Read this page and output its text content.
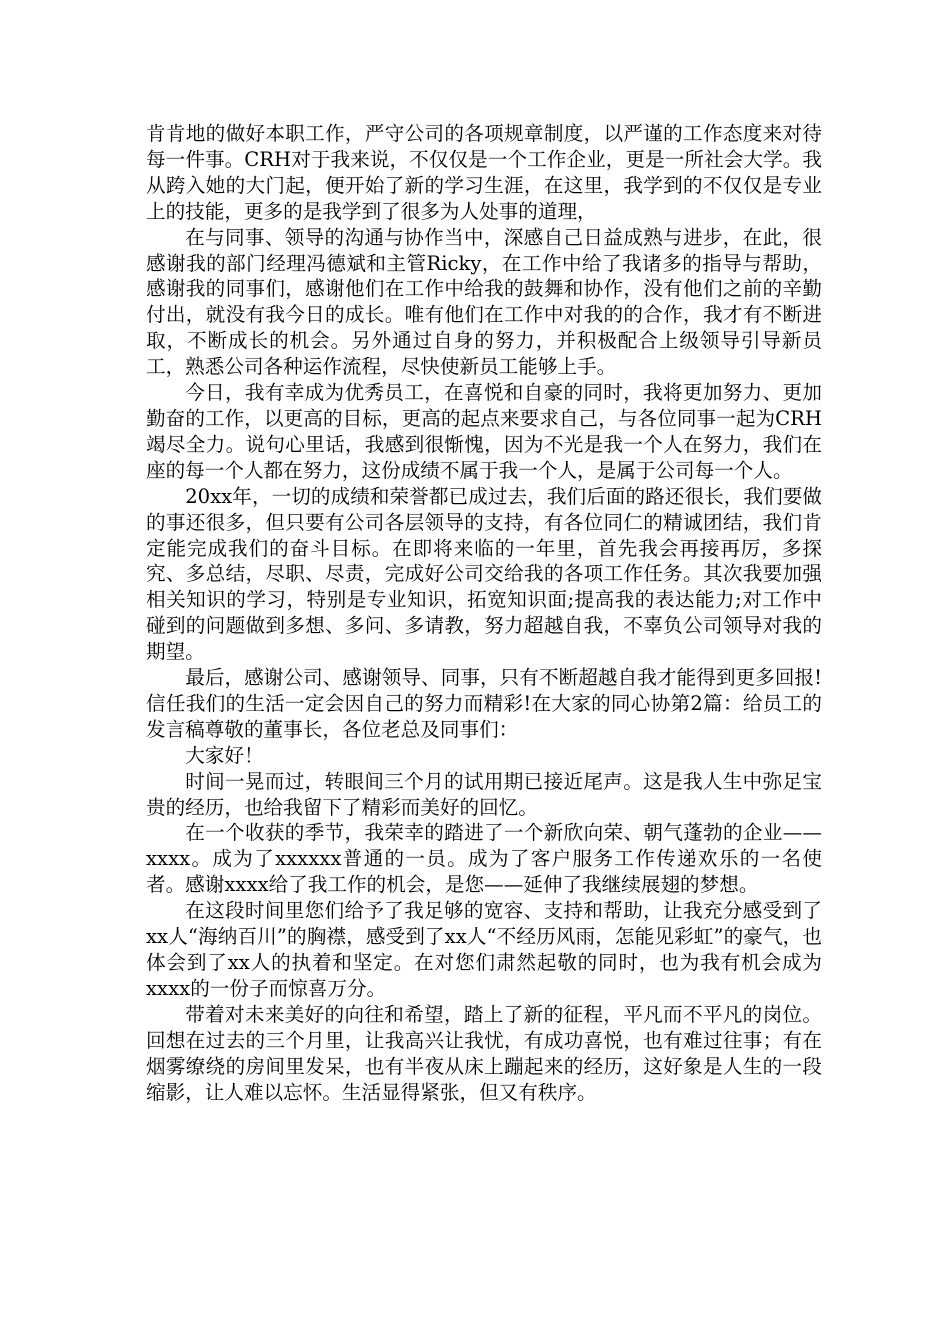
肯肯地的做好本职工作，严守公司的各项规章制度，以严谨的工作态度来对待每一件事。CRH对于我来说，不仅仅是一个工作企业，更是一所社会大学。我从跨入她的大门起，便开始了新的学习生涯，在这里，我学到的不仅仅是专业上的技能，更多的是我学到了很多为人处事的道理，

在与同事、领导的沟通与协作当中，深感自己日益成熟与进步，在此，很感谢我的部门经理冯德斌和主管Ricky，在工作中给了我诸多的指导与帮助，感谢我的同事们，感谢他们在工作中给我的鼓舞和协作，没有他们之前的辛勤付出，就没有我今日的成长。唯有他们在工作中对我的的合作，我才有不断进取，不断成长的机会。另外通过自身的努力，并积极配合上级领导引导新员工，熟悉公司各种运作流程，尽快使新员工能够上手。

今日，我有幸成为优秀员工，在喜悦和自豪的同时，我将更加努力、更加勤奋的工作，以更高的目标，更高的起点来要求自己，与各位同事一起为CRH竭尽全力。说句心里话，我感到很惭愧，因为不光是我一个人在努力，我们在座的每一个人都在努力，这份成绩不属于我一个人，是属于公司每一个人。

20xx年，一切的成绩和荣誉都已成过去，我们后面的路还很长，我们要做的事还很多，但只要有公司各层领导的支持，有各位同仁的精诚团结，我们肯定能完成我们的奋斗目标。在即将来临的一年里，首先我会再接再厉，多探究、多总结，尽职、尽责，完成好公司交给我的各项工作任务。其次我要加强相关知识的学习，特别是专业知识，拓宽知识面;提高我的表达能力;对工作中碰到的问题做到多想、多问、多请教，努力超越自我，不辜负公司领导对我的期望。

最后，感谢公司、感谢领导、同事，只有不断超越自我才能得到更多回报!信任我们的生活一定会因自己的努力而精彩!在大家的同心协第2篇：给员工的发言稿尊敬的董事长，各位老总及同事们：

大家好！

时间一晃而过，转眼间三个月的试用期已接近尾声。这是我人生中弥足宝贵的经历，也给我留下了精彩而美好的回忆。

在一个收获的季节，我荣幸的踏进了一个新欣向荣、朝气蓬勃的企业——xxxx。成为了xxxxxx普通的一员。成为了客户服务工作传递欢乐的一名使者。感谢xxxx给了我工作的机会，是您——延伸了我继续展翅的梦想。

在这段时间里您们给予了我足够的宽容、支持和帮助，让我充分感受到了xx人“海纳百川”的胸襟，感受到了xx人“不经历风雨，怎能见彩虹”的豪气，也体会到了xx人的执着和坚定。在对您们肃然起敬的同时，也为我有机会成为xxxx的一份子而惊喜万分。

带着对未来美好的向往和希望，踏上了新的征程，平凡而不平凡的岗位。回想在过去的三个月里，让我高兴让我忧，有成功喜悦，也有难过往事；有在烟雾缭绕的房间里发呆，也有半夜从床上蹦起来的经历，这好象是人生的一段缩影，让人难以忘怀。生活显得紧张，但又有秩序。
